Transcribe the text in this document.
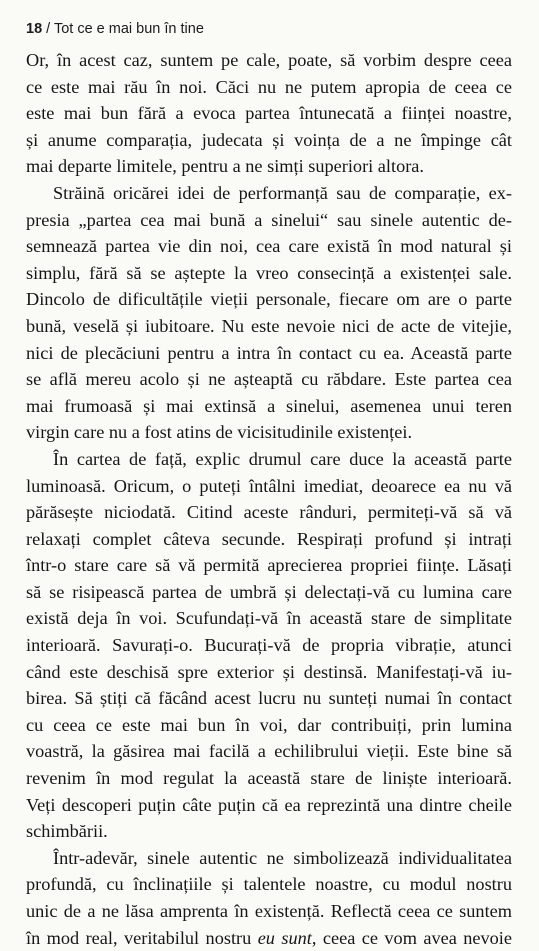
18 / Tot ce e mai bun în tine
Or, în acest caz, suntem pe cale, poate, să vorbim despre ceea
ce este mai rău în noi. Căci nu ne putem apropia de ceea ce
este mai bun fără a evoca partea întunecată a ființei noastre,
și anume comparația, judecata și voința de a ne împinge cât
mai departe limitele, pentru a ne simți superiori altora.
Străină oricărei idei de performanță sau de comparație, ex-
presia „partea cea mai bună a sinelui“ sau sinele autentic de-
semnează partea vie din noi, cea care există în mod natural și
simplu, fără să se aștepte la vreo consecință a existenței sale.
Dincolo de dificultățile vieții personale, fiecare om are o parte
bună, veselă și iubitoare. Nu este nevoie nici de acte de vitejie,
nici de plecăciuni pentru a intra în contact cu ea. Această parte
se află mereu acolo și ne așteaptă cu răbdare. Este partea cea
mai frumoasă și mai extinsă a sinelui, asemenea unui teren
virgin care nu a fost atins de vicisitudinile existenței.
În cartea de față, explic drumul care duce la această parte
luminoasă. Oricum, o puteți întâlni imediat, deoarece ea nu vă
părăsește niciodată. Citind aceste rânduri, permiteți-vă să vă
relaxați complet câteva secunde. Respirați profund și intrați
într-o stare care să vă permită aprecierea propriei ființe. Lăsați
să se risipească partea de umbră și delectați-vă cu lumina care
există deja în voi. Scufundați-vă în această stare de simplitate
interioară. Savurați-o. Bucurați-vă de propria vibrație, atunci
când este deschisă spre exterior și destinsă. Manifestați-vă iu-
birea. Să știți că făcând acest lucru nu sunteți numai în contact
cu ceea ce este mai bun în voi, dar contribuiți, prin lumina
voastră, la găsirea mai facilă a echilibrului vieții. Este bine să
revenim în mod regulat la această stare de liniște interioară.
Veți descoperi puțin câte puțin că ea reprezintă una dintre cheile
schimbării.
Într-adevăr, sinele autentic ne simbolizează individualitatea
profundă, cu înclinațiile și talentele noastre, cu modul nostru
unic de a ne lăsa amprenta în existență. Reflectă ceea ce suntem
în mod real, veritabilul nostru eu sunt, ceea ce vom avea nevoie
